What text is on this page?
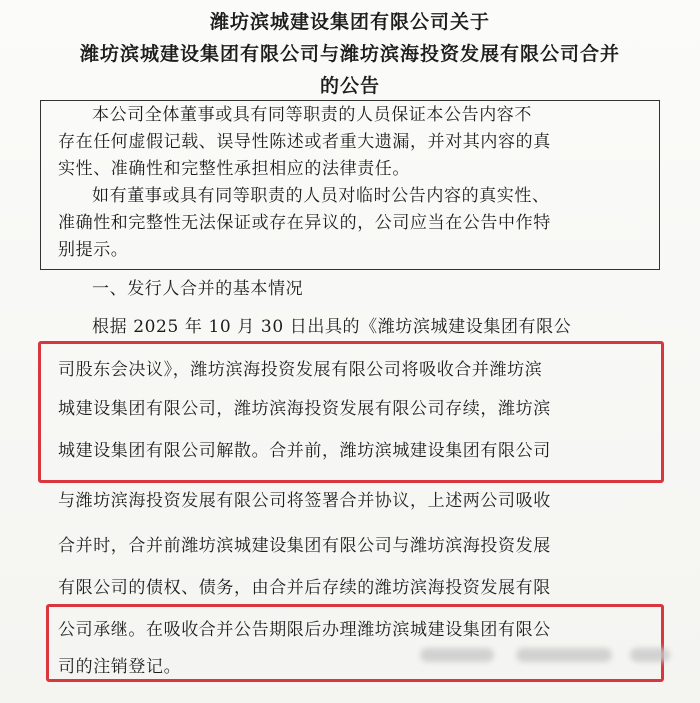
潍坊滨城建设集团有限公司关于
潍坊滨城建设集团有限公司与潍坊滨海投资发展有限公司合并
的公告
本公司全体董事或具有同等职责的人员保证本公告内容不
存在任何虚假记载、误导性陈述或者重大遗漏，并对其内容的真
实性、准确性和完整性承担相应的法律责任。
如有董事或具有同等职责的人员对临时公告内容的真实性、
准确性和完整性无法保证或存在异议的，公司应当在公告中作特
别提示。
一、发行人合并的基本情况
根据 2025 年 10 月 30 日出具的《潍坊滨城建设集团有限公
司股东会决议》，潍坊滨海投资发展有限公司将吸收合并潍坊滨
城建设集团有限公司，潍坊滨海投资发展有限公司存续，潍坊滨
城建设集团有限公司解散。合并前，潍坊滨城建设集团有限公司
与潍坊滨海投资发展有限公司将签署合并协议，上述两公司吸收
合并时，合并前潍坊滨城建设集团有限公司与潍坊滨海投资发展
有限公司的债权、债务，由合并后存续的潍坊滨海投资发展有限
公司承继。在吸收合并公告期限后办理潍坊滨城建设集团有限公
司的注销登记。
